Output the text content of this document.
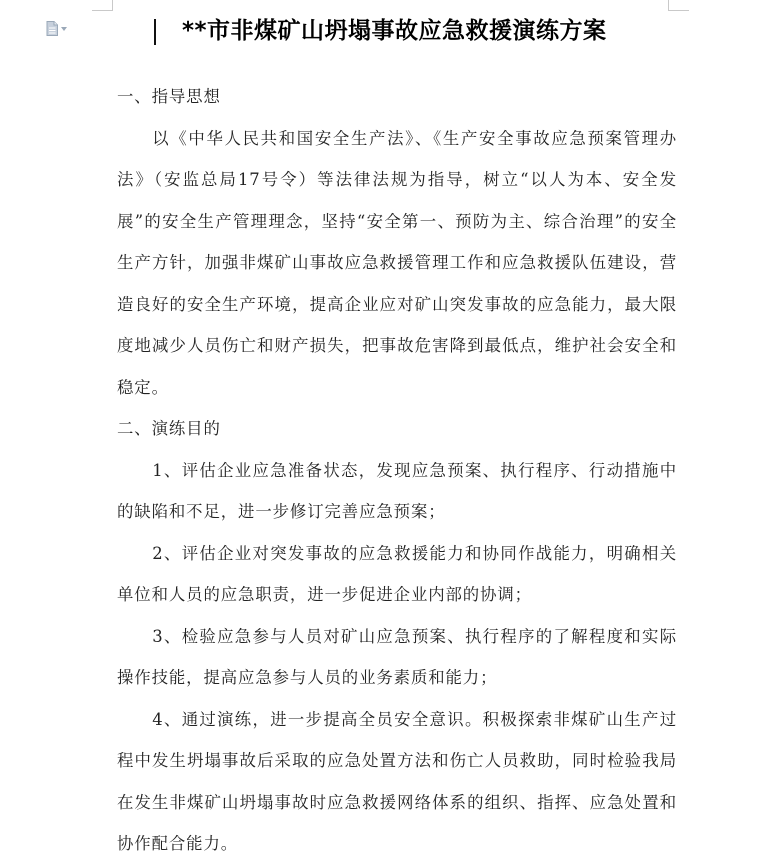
**市非煤矿山坍塌事故应急救援演练方案
一、指导思想

以《中华人民共和国安全生产法》、《生产安全事故应急预案管理办法》（安监总局17号令）等法律法规为指导，树立“以人为本、安全发展”的安全生产管理理念，坚持“安全第一、预防为主、综合治理”的安全生产方针，加强非煤矿山事故应急救援管理工作和应急救援队伍建设，营造良好的安全生产环境，提高企业应对矿山突发事故的应急能力，最大限度地减少人员伤亡和财产损失，把事故危害降到最低点，维护社会安全和稳定。

二、演练目的

1、评估企业应急准备状态，发现应急预案、执行程序、行动措施中的缺陷和不足，进一步修订完善应急预案；

2、评估企业对突发事故的应急救援能力和协同作战能力，明确相关单位和人员的应急职责，进一步促进企业内部的协调；

3、检验应急参与人员对矿山应急预案、执行程序的了解程度和实际操作技能，提高应急参与人员的业务素质和能力；

4、通过演练，进一步提高全员安全意识。积极探索非煤矿山生产过程中发生坍塌事故后采取的应急处置方法和伤亡人员救助，同时检验我局在发生非煤矿山坍塌事故时应急救援网络体系的组织、指挥、应急处置和协作配合能力。
